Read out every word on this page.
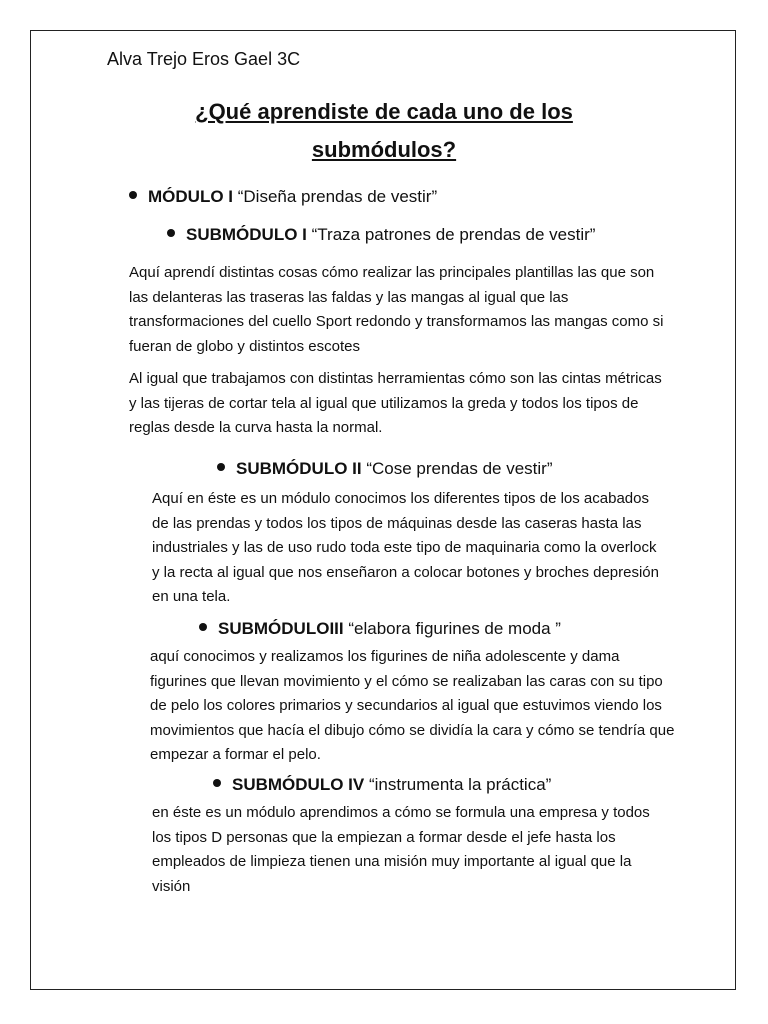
Alva Trejo Eros Gael 3C
¿Qué aprendiste de cada uno de los
submódulos?
MÓDULO I
“Diseña prendas de vestir”
SUBMÓDULO I
“Traza patrones de prendas de vestir”

Aquí aprendí distintas cosas cómo realizar las principales plantillas las que son las delanteras las traseras las faldas y las mangas al igual que las transformaciones del cuello Sport redondo y transformamos las mangas como si fueran de globo y distintos escotes

Al igual que trabajamos con distintas herramientas cómo son las cintas métricas y las tijeras de cortar tela al igual que utilizamos la greda y todos los tipos de reglas desde la curva hasta la normal.

SUBMÓDULO II
“Cose prendas de vestir”

Aquí en éste es un módulo conocimos los diferentes tipos de los acabados de las prendas y todos los tipos de máquinas desde las caseras hasta las industriales y las de uso rudo toda este tipo de maquinaria como la overlock y la recta al igual que nos enseñaron a colocar botones y broches depresión en una tela.

SUBMÓDULOIII
“elabora figurines de moda ”

aquí conocimos y realizamos los figurines de niña adolescente y dama figurines que llevan movimiento y el cómo se realizaban las caras con su tipo de pelo los colores primarios y secundarios al igual que estuvimos viendo los movimientos que hacía el dibujo cómo se dividía la cara y cómo se tendría que empezar a formar el pelo.

SUBMÓDULO IV
“instrumenta la práctica”

en éste es un módulo aprendimos a cómo se formula una empresa y todos los tipos D personas que la empiezan a formar desde el jefe hasta los empleados de limpieza tienen una misión muy importante al igual que la visión
